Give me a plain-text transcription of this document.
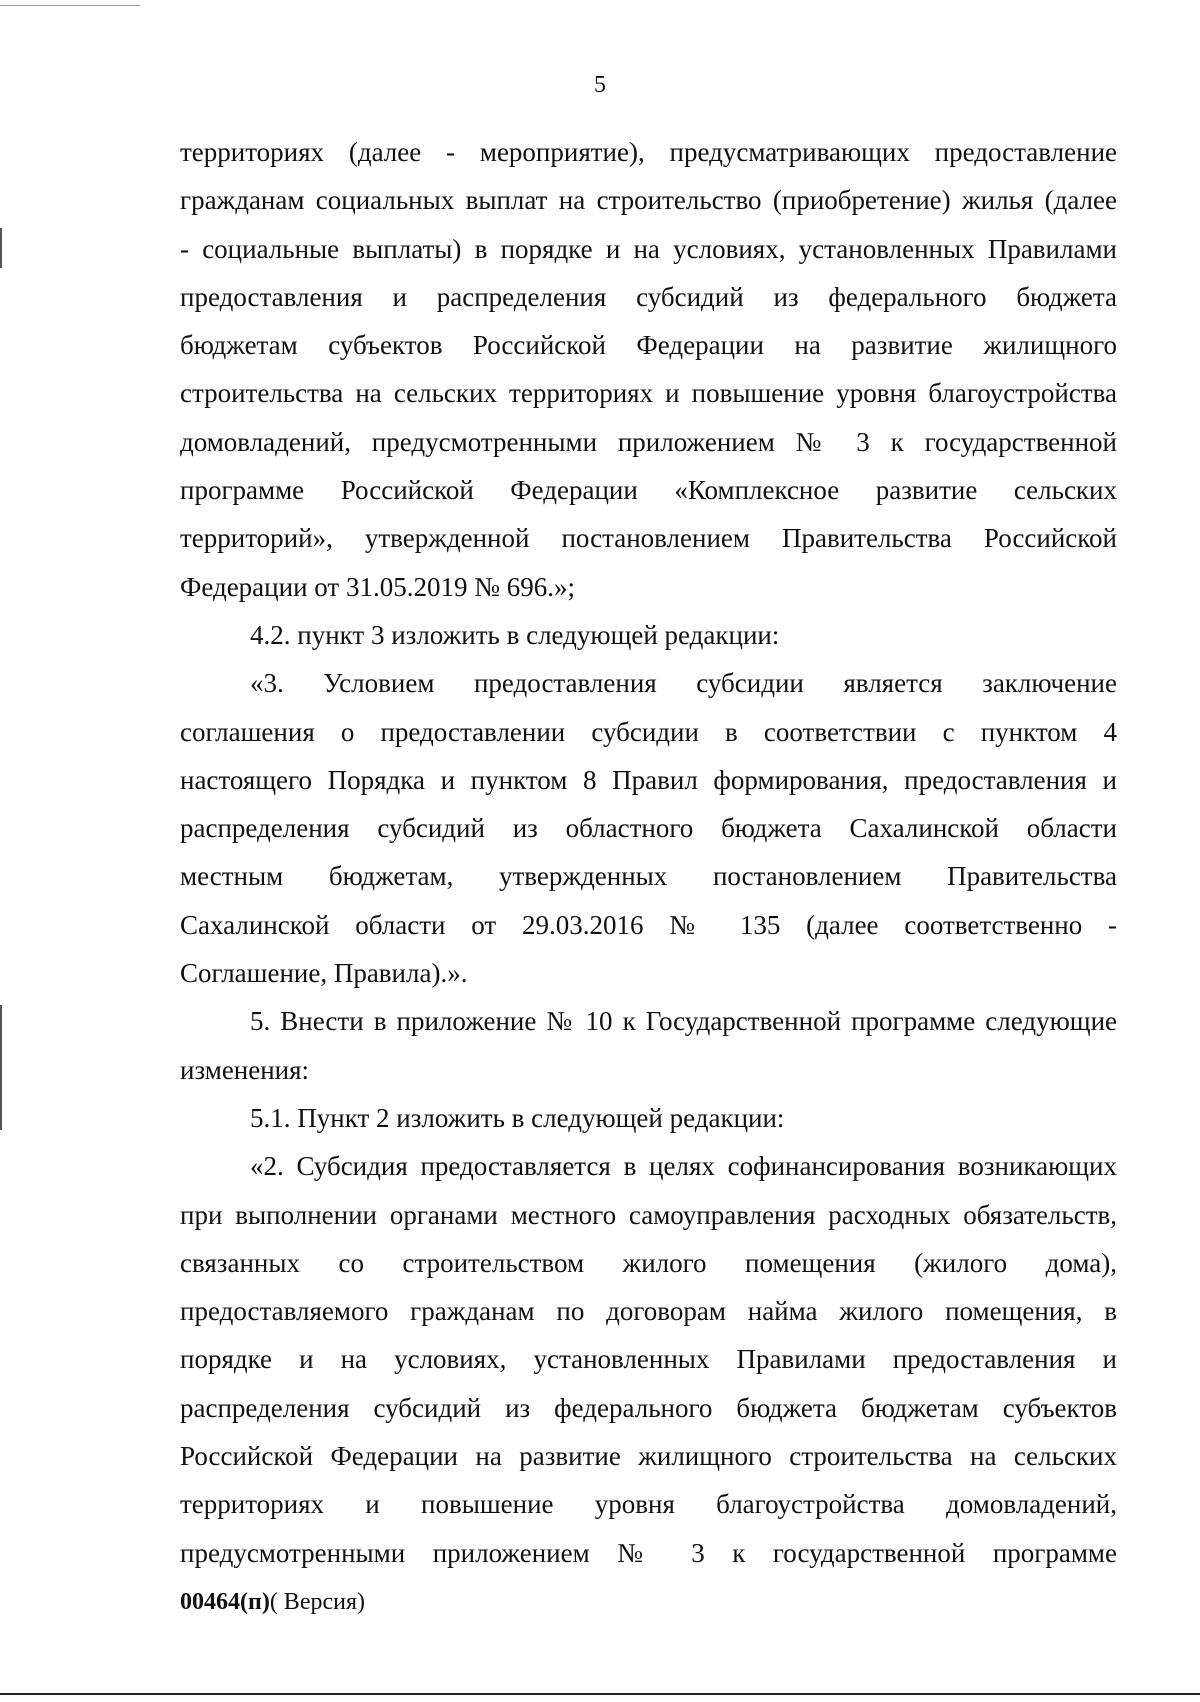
5
территориях (далее - мероприятие), предусматривающих предоставление
гражданам социальных выплат на строительство (приобретение) жилья (далее
- социальные выплаты) в порядке и на условиях, установленных Правилами
предоставления и распределения субсидий из федерального бюджета
бюджетам субъектов Российской Федерации на развитие жилищного
строительства на сельских территориях и повышение уровня благоустройства
домовладений, предусмотренными приложением № 3 к государственной
программе Российской Федерации «Комплексное развитие сельских
территорий», утвержденной постановлением Правительства Российской
Федерации от 31.05.2019 № 696.»;
4.2. пункт 3 изложить в следующей редакции:
«3. Условием предоставления субсидии является заключение
соглашения о предоставлении субсидии в соответствии с пунктом 4
настоящего Порядка и пунктом 8 Правил формирования, предоставления и
распределения субсидий из областного бюджета Сахалинской области
местным бюджетам, утвержденных постановлением Правительства
Сахалинской области от 29.03.2016 № 135 (далее соответственно -
Соглашение, Правила).».
5. Внести в приложение № 10 к Государственной программе следующие
изменения:
5.1. Пункт 2 изложить в следующей редакции:
«2. Субсидия предоставляется в целях софинансирования возникающих
при выполнении органами местного самоуправления расходных обязательств,
связанных со строительством жилого помещения (жилого дома),
предоставляемого гражданам по договорам найма жилого помещения, в
порядке и на условиях, установленных Правилами предоставления и
распределения субсидий из федерального бюджета бюджетам субъектов
Российской Федерации на развитие жилищного строительства на сельских
территориях и повышение уровня благоустройства домовладений,
предусмотренными приложением № 3 к государственной программе
00464(п)( Версия)
